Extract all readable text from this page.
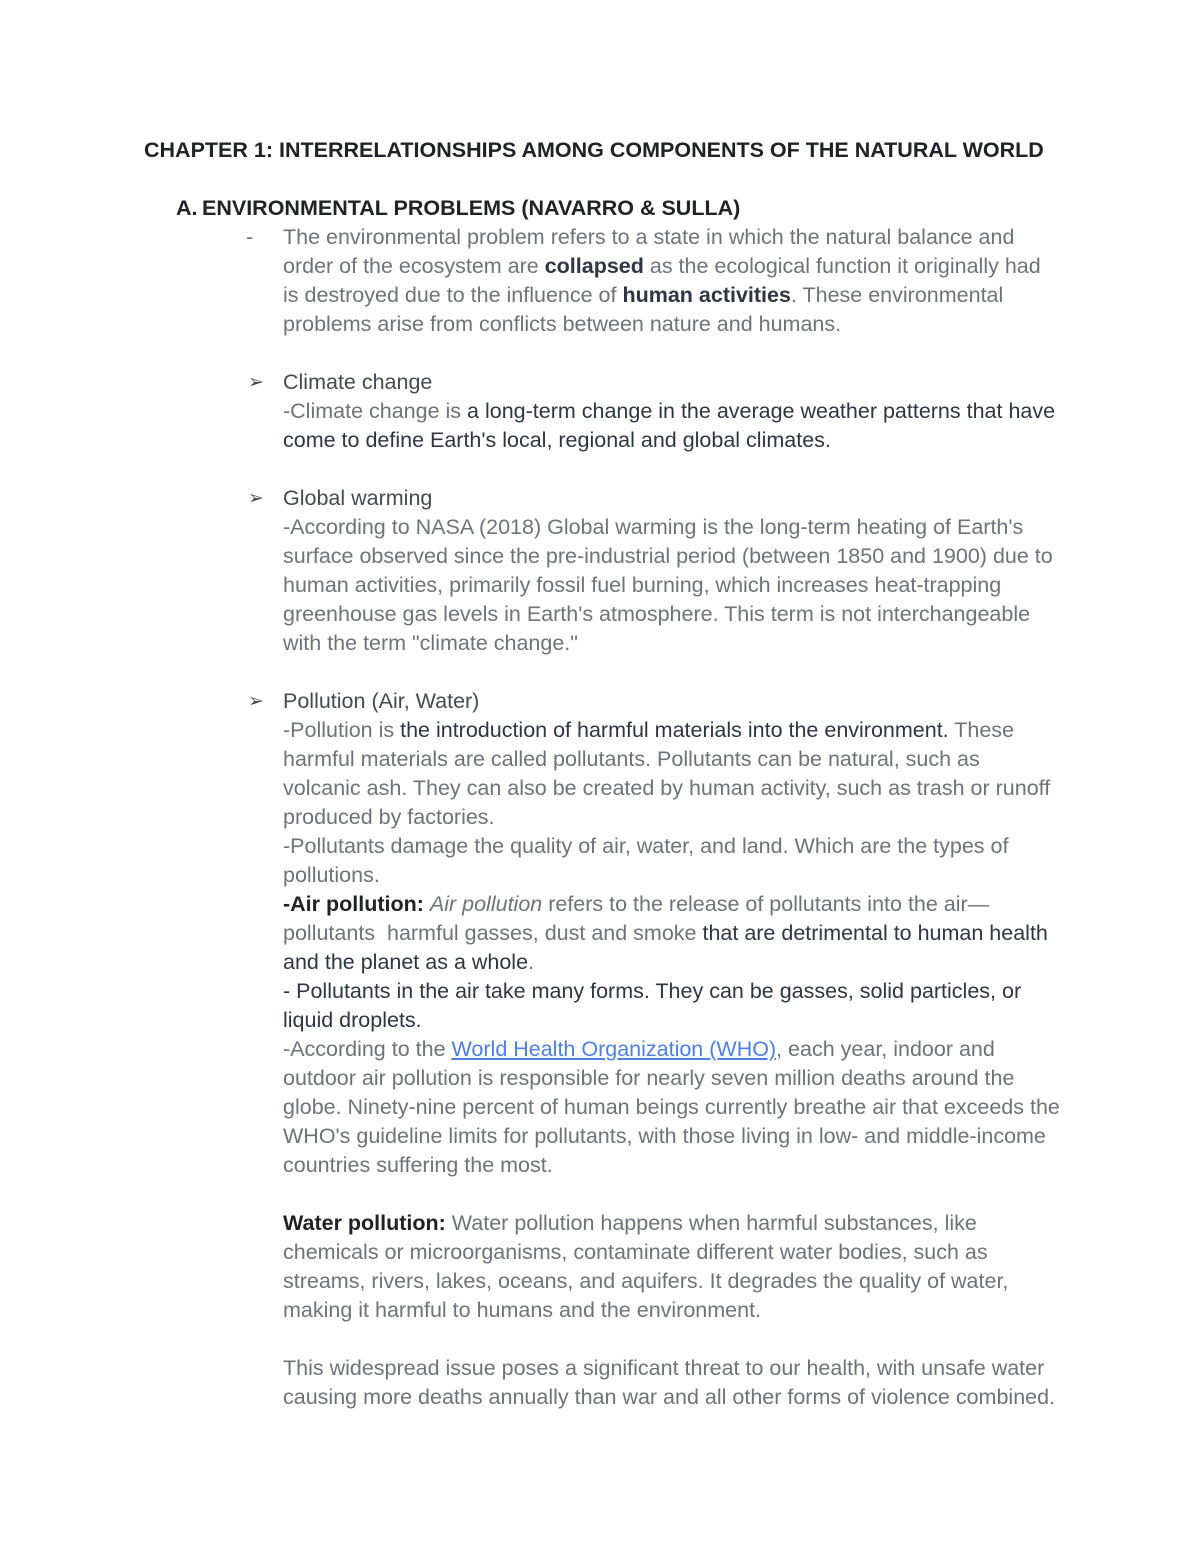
CHAPTER 1: INTERRELATIONSHIPS AMONG COMPONENTS OF THE NATURAL WORLD
A. ENVIRONMENTAL PROBLEMS (NAVARRO & SULLA)
- The environmental problem refers to a state in which the natural balance and order of the ecosystem are collapsed as the ecological function it originally had is destroyed due to the influence of human activities. These environmental problems arise from conflicts between nature and humans.
➢ Climate change
-Climate change is a long-term change in the average weather patterns that have come to define Earth's local, regional and global climates.
➢ Global warming
-According to NASA (2018) Global warming is the long-term heating of Earth's surface observed since the pre-industrial period (between 1850 and 1900) due to human activities, primarily fossil fuel burning, which increases heat-trapping greenhouse gas levels in Earth's atmosphere. This term is not interchangeable with the term "climate change."
➢ Pollution (Air, Water)
-Pollution is the introduction of harmful materials into the environment. These harmful materials are called pollutants. Pollutants can be natural, such as volcanic ash. They can also be created by human activity, such as trash or runoff produced by factories.
-Pollutants damage the quality of air, water, and land. Which are the types of pollutions.
-Air pollution: Air pollution refers to the release of pollutants into the air—pollutants  harmful gasses, dust and smoke that are detrimental to human health and the planet as a whole.
- Pollutants in the air take many forms. They can be gasses, solid particles, or liquid droplets.
-According to the World Health Organization (WHO), each year, indoor and outdoor air pollution is responsible for nearly seven million deaths around the globe. Ninety-nine percent of human beings currently breathe air that exceeds the WHO's guideline limits for pollutants, with those living in low- and middle-income countries suffering the most.
Water pollution: Water pollution happens when harmful substances, like chemicals or microorganisms, contaminate different water bodies, such as streams, rivers, lakes, oceans, and aquifers. It degrades the quality of water, making it harmful to humans and the environment.
This widespread issue poses a significant threat to our health, with unsafe water causing more deaths annually than war and all other forms of violence combined.
